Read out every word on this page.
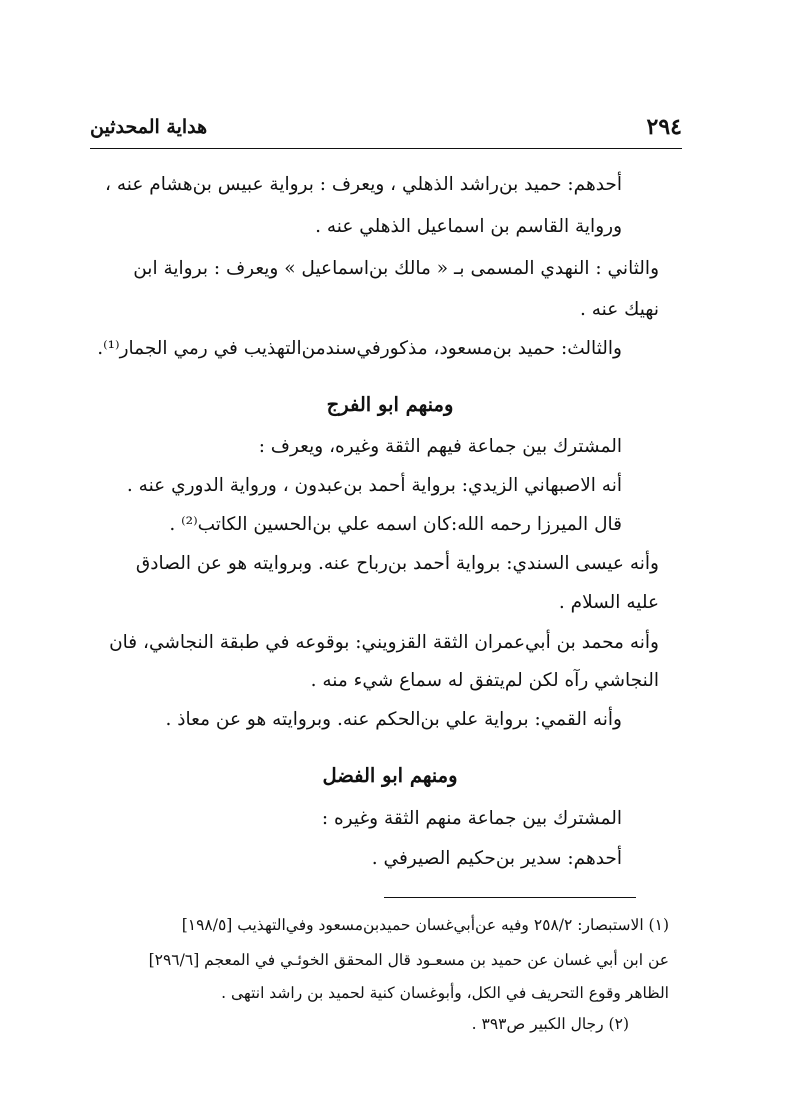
٢٩٤
هداية المحدثين
أحدهم: حميد بن‌راشد الذهلي ، ويعرف : برواية عبيس بن‌هشام عنه ،
ورواية القاسم بن اسماعيل الذهلي عنه .
والثاني : النهدي المسمى بـ « مالك بن‌اسماعيل » ويعرف : برواية ابن
نهيك عنه .
والثالث: حميد بن‌مسعود، مذكورفي‌سندمن‌التهذيب في رمي الجمار⁽¹⁾.
ومنهم ابو الفرج
المشترك بين جماعة فيهم الثقة وغيره، ويعرف :
أنه الاصبهاني الزيدي: برواية أحمد بن‌عبدون ، ورواية الدوري عنه .
قال الميرزا رحمه الله:كان اسمه علي بن‌الحسين الكاتب⁽²⁾ .
وأنه عيسى السندي: برواية أحمد بن‌رباح عنه. وبروايته هو عن الصادق
عليه السلام .
وأنه محمد بن أبي‌عمران الثقة القزويني: بوقوعه في طبقة النجاشي، فان
النجاشي رآه لكن لم‌يتفق له سماع شيء منه .
وأنه القمي: برواية علي بن‌الحكم عنه. وبروايته هو عن معاذ .
ومنهم ابو الفضل
المشترك بين جماعة منهم الثقة وغيره :
أحدهم: سدير بن‌حكيم الصيرفي .
(١) الاستبصار: ٢٥٨/٢ وفيه عن‌أبي‌غسان حميدبن‌مسعود وفي‌التهذيب [١٩٨/٥]
عن ابن أبي غسان عن حميد بن مسعـود قال المحقق الخوئـي في المعجم [٢٩٦/٦]
الظاهر وقوع التحريف في الكل، وأبوغسان كنية لحميد بن راشد انتهى .
(٢) رجال الكبير ص٣٩٣ .
